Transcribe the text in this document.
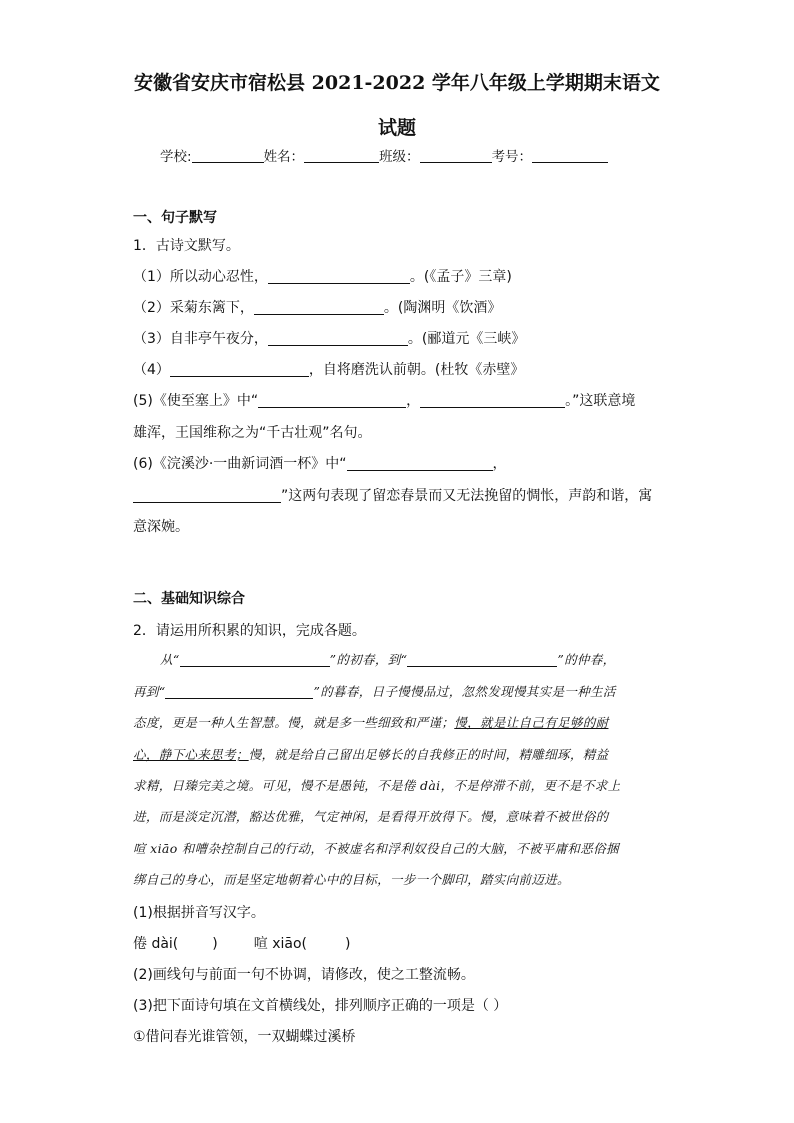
安徽省安庆市宿松县 2021-2022 学年八年级上学期期末语文
试题
学校:	姓名：	班级：	考号：
一、句子默写
1．古诗文默写。
（1）所以动心忍性，	。(《孟子》三章)
（2）采菊东篱下，	。(陶渊明《饮酒》
（3）自非亭午夜分，	。(郦道元《三峡》
（4）	，自将磨洗认前朝。(杜牧《赤壁》
(5)《使至塞上》中“	，	。”这联意境
雄浑，王国维称之为“千古壮观”名句。
(6)《浣溪沙·一曲新词酒一杯》中“	，
”这两句表现了留恋春景而又无法挽留的惆怅，声韵和谐，寓
意深婉。
二、基础知识综合
2．请运用所积累的知识，完成各题。
从“	”的初春，到“	”的仲春，
再到“	”的暮春，日子慢慢品过，忽然发现慢其实是一种生活
态度，更是一种人生智慧。慢，就是多一些细致和严谨；慢，就是让自己有足够的耐
心，静下心来思考；慢，就是给自己留出足够长的自我修正的时间，精雕细琢，精益
求精，日臻完美之境。可见，慢不是愚钝，不是倦 dài，不是停滞不前，更不是不求上
进，而是淡定沉潜，豁达优雅，气定神闲，是看得开放得下。慢，意味着不被世俗的
喧 xiāo 和嘈杂控制自己的行动，不被虚名和浮利奴役自己的大脑，不被平庸和恶俗捆
绑自己的身心，而是坚定地朝着心中的目标，一步一个脚印，踏实向前迈进。
(1)根据拼音写汉字。
倦 dài( )	喧 xiāo(	)
(2)画线句与前面一句不协调，请修改，使之工整流畅。
(3)把下面诗句填在文首横线处，排列顺序正确的一项是（ ）
①借问春光谁管领，一双蝴蝶过溪桥
